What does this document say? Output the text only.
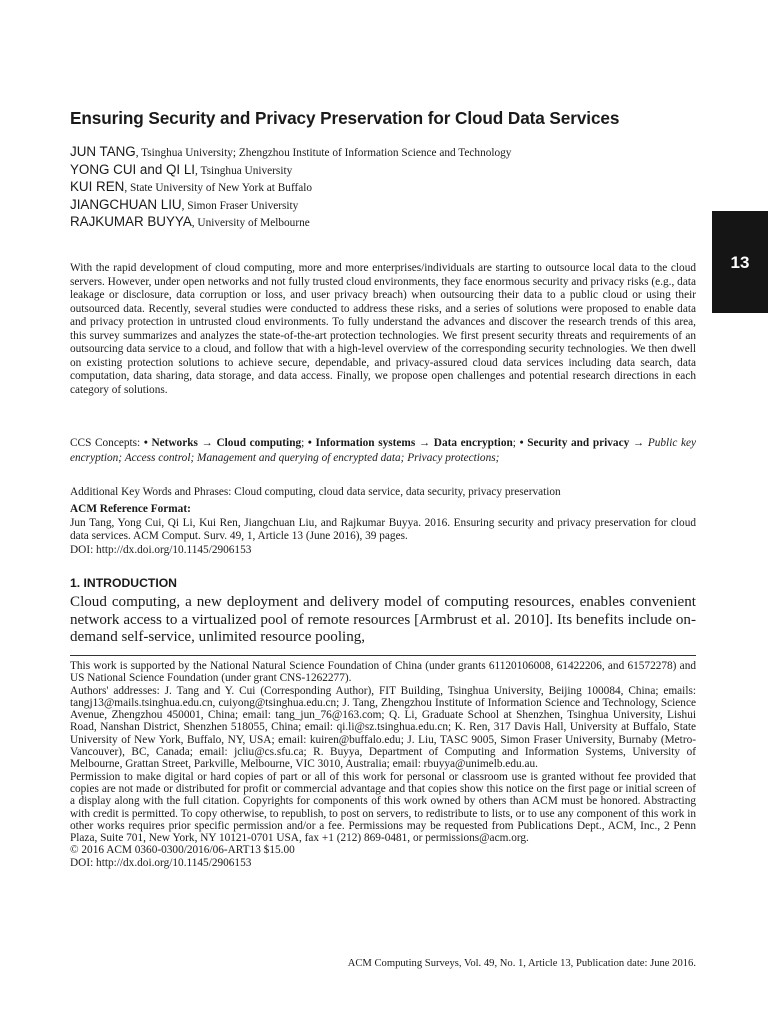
13
Ensuring Security and Privacy Preservation for Cloud Data Services
JUN TANG, Tsinghua University; Zhengzhou Institute of Information Science and Technology
YONG CUI and QI LI, Tsinghua University
KUI REN, State University of New York at Buffalo
JIANGCHUAN LIU, Simon Fraser University
RAJKUMAR BUYYA, University of Melbourne

With the rapid development of cloud computing, more and more enterprises/individuals are starting to outsource local data to the cloud servers. However, under open networks and not fully trusted cloud environments, they face enormous security and privacy risks (e.g., data leakage or disclosure, data corruption or loss, and user privacy breach) when outsourcing their data to a public cloud or using their outsourced data. Recently, several studies were conducted to address these risks, and a series of solutions were proposed to enable data and privacy protection in untrusted cloud environments. To fully understand the advances and discover the research trends of this area, this survey summarizes and analyzes the state-of-the-art protection technologies. We first present security threats and requirements of an outsourcing data service to a cloud, and follow that with a high-level overview of the corresponding security technologies. We then dwell on existing protection solutions to achieve secure, dependable, and privacy-assured cloud data services including data search, data computation, data sharing, data storage, and data access. Finally, we propose open challenges and potential research directions in each category of solutions.

CCS Concepts: • Networks → Cloud computing; • Information systems → Data encryption; • Security and privacy → Public key encryption; Access control; Management and querying of encrypted data; Privacy protections;

Additional Key Words and Phrases: Cloud computing, cloud data service, data security, privacy preservation

ACM Reference Format:
Jun Tang, Yong Cui, Qi Li, Kui Ren, Jiangchuan Liu, and Rajkumar Buyya. 2016. Ensuring security and privacy preservation for cloud data services. ACM Comput. Surv. 49, 1, Article 13 (June 2016), 39 pages.
DOI: http://dx.doi.org/10.1145/2906153
1. INTRODUCTION

Cloud computing, a new deployment and delivery model of computing resources, enables convenient network access to a virtualized pool of remote resources [Armbrust et al. 2010]. Its benefits include on-demand self-service, unlimited resource pooling,

This work is supported by the National Natural Science Foundation of China (under grants 61120106008, 61422206, and 61572278) and US National Science Foundation (under grant CNS-1262277).

Authors' addresses: J. Tang and Y. Cui (Corresponding Author), FIT Building, Tsinghua University, Beijing 100084, China; emails: tangj13@mails.tsinghua.edu.cn, cuiyong@tsinghua.edu.cn; J. Tang, Zhengzhou Institute of Information Science and Technology, Science Avenue, Zhengzhou 450001, China; email: tang_jun_76@163.com; Q. Li, Graduate School at Shenzhen, Tsinghua University, Lishui Road, Nanshan District, Shenzhen 518055, China; email: qi.li@sz.tsinghua.edu.cn; K. Ren, 317 Davis Hall, University at Buffalo, State University of New York, Buffalo, NY, USA; email: kuiren@buffalo.edu; J. Liu, TASC 9005, Simon Fraser University, Burnaby (Metro-Vancouver), BC, Canada; email: jcliu@cs.sfu.ca; R. Buyya, Department of Computing and Information Systems, University of Melbourne, Grattan Street, Parkville, Melbourne, VIC 3010, Australia; email: rbuyya@unimelb.edu.au.

Permission to make digital or hard copies of part or all of this work for personal or classroom use is granted without fee provided that copies are not made or distributed for profit or commercial advantage and that copies show this notice on the first page or initial screen of a display along with the full citation. Copyrights for components of this work owned by others than ACM must be honored. Abstracting with credit is permitted. To copy otherwise, to republish, to post on servers, to redistribute to lists, or to use any component of this work in other works requires prior specific permission and/or a fee. Permissions may be requested from Publications Dept., ACM, Inc., 2 Penn Plaza, Suite 701, New York, NY 10121-0701 USA, fax +1 (212) 869-0481, or permissions@acm.org.

© 2016 ACM 0360-0300/2016/06-ART13 $15.00

DOI: http://dx.doi.org/10.1145/2906153

ACM Computing Surveys, Vol. 49, No. 1, Article 13, Publication date: June 2016.
